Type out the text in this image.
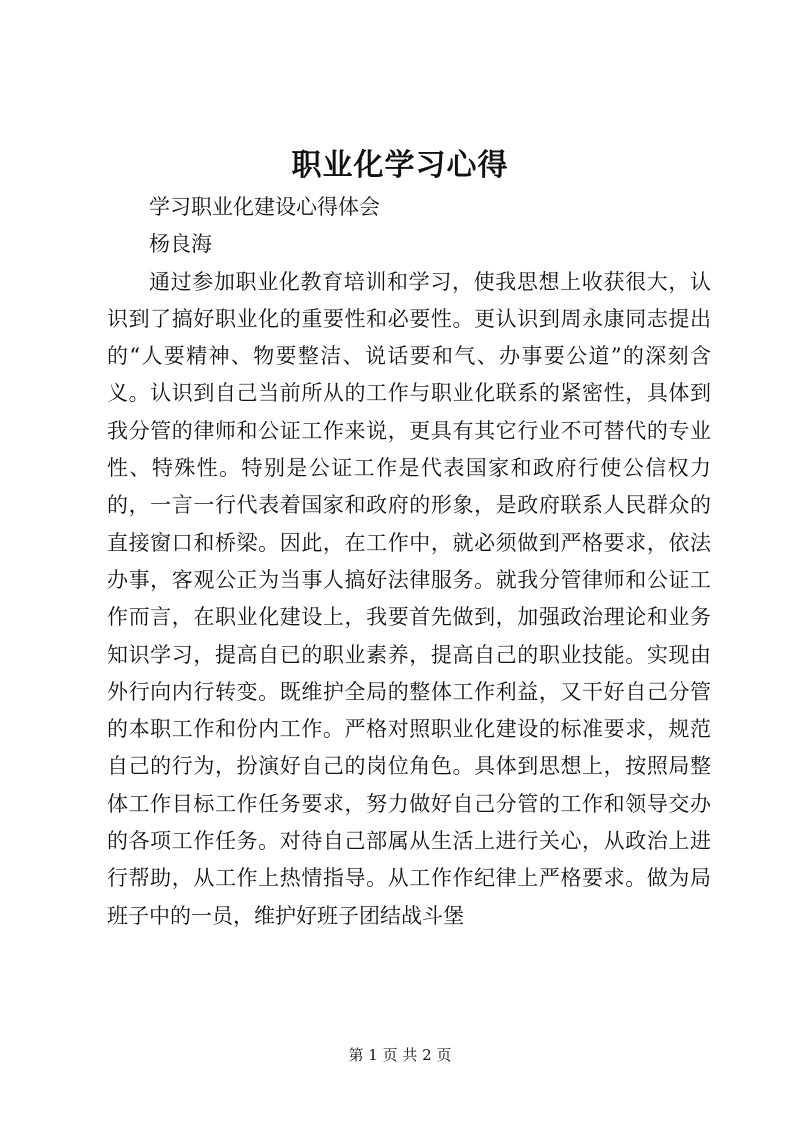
职业化学习心得

学习职业化建设心得体会

杨良海

通过参加职业化教育培训和学习，使我思想上收获很大，认识到了搞好职业化的重要性和必要性。更认识到周永康同志提出的“人要精神、物要整洁、说话要和气、办事要公道”的深刻含义。认识到自己当前所从的工作与职业化联系的紧密性，具体到我分管的律师和公证工作来说，更具有其它行业不可替代的专业性、特殊性。特别是公证工作是代表国家和政府行使公信权力的，一言一行代表着国家和政府的形象，是政府联系人民群众的直接窗口和桥梁。因此，在工作中，就必须做到严格要求，依法办事，客观公正为当事人搞好法律服务。就我分管律师和公证工作而言，在职业化建设上，我要首先做到，加强政治理论和业务知识学习，提高自已的职业素养，提高自己的职业技能。实现由外行向内行转变。既维护全局的整体工作利益，又干好自己分管的本职工作和份内工作。严格对照职业化建设的标准要求，规范自己的行为，扮演好自己的岗位角色。具体到思想上，按照局整体工作目标工作任务要求，努力做好自己分管的工作和领导交办的各项工作任务。对待自己部属从生活上进行关心，从政治上进行帮助，从工作上热情指导。从工作作纪律上严格要求。做为局班子中的一员，维护好班子团结战斗堡

第 1 页 共 2 页
